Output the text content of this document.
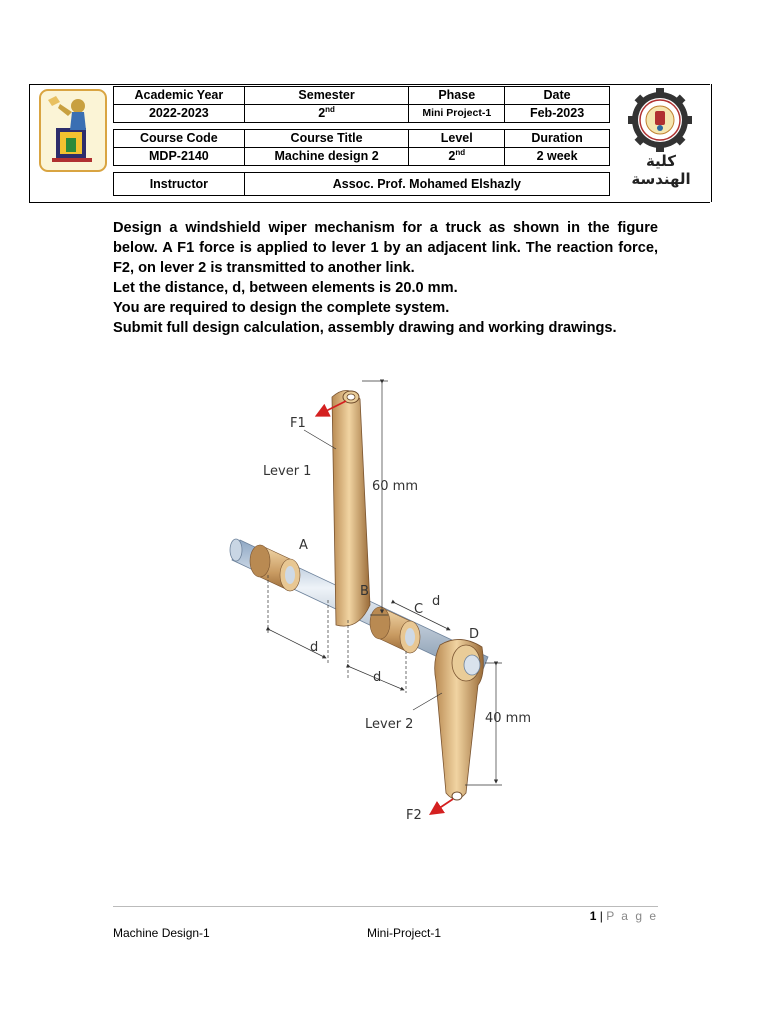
Academic Year	Semester	Phase	Date
2022-2023	2nd	Mini Project-1	Feb-2023

Course Code	Course Title	Level	Duration
MDP-2140	Machine design 2	2nd	2 week

Instructor	Assoc. Prof. Mohamed Elshazly		
كلية الهندسة

Design a windshield wiper mechanism for a truck as shown in the figure below. A F1 force is applied to lever 1 by an adjacent link. The reaction force, F2, on lever 2 is transmitted to another link.

Let the distance, d, between elements is 20.0 mm.

You are required to design the complete system.

Submit full design calculation, assembly drawing and working drawings.

F1
Lever 1
60 mm
A
B
C
D
d
d
d
Lever 2	40 mm
F2
1 | P a g e
Machine Design-1	Mini-Project-1
